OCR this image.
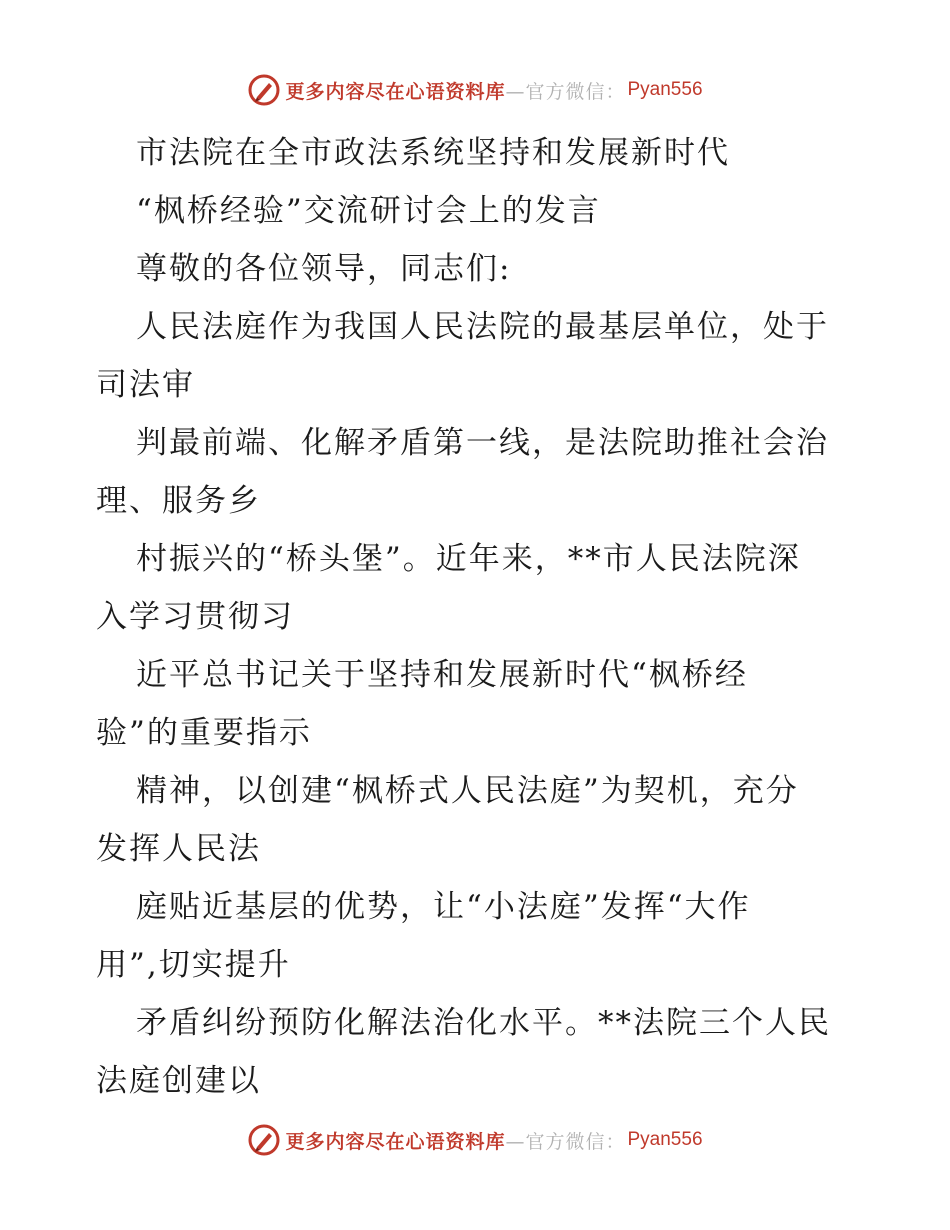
更多内容尽在心语资料库 —官方微信： Pyan556
市法院在全市政法系统坚持和发展新时代
“枫桥经验”交流研讨会上的发言
尊敬的各位领导，同志们:
人民法庭作为我国人民法院的最基层单位，处于
司法审
判最前端、化解矛盾第一线，是法院助推社会治
理、服务乡
村振兴的“桥头堡”。近年来，**市人民法院深
入学习贯彻习
近平总书记关于坚持和发展新时代“枫桥经
验”的重要指示
精神，以创建“枫桥式人民法庭”为契机，充分
发挥人民法
庭贴近基层的优势，让“小法庭”发挥“大作
用”,切实提升
矛盾纠纷预防化解法治化水平。**法院三个人民
法庭创建以
更多内容尽在心语资料库 —官方微信： Pyan556
